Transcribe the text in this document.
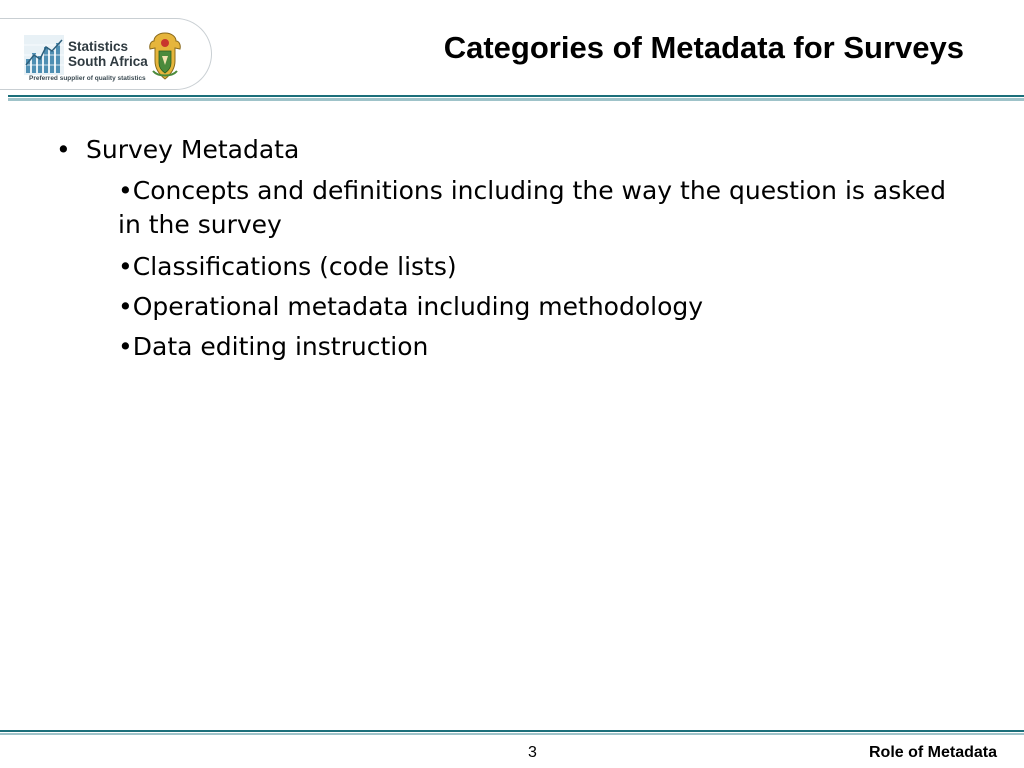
Statistics
South Africa
Preferred supplier of quality statistics
Categories of Metadata for Surveys
• Survey Metadata
•Concepts and definitions including the way the question is asked in the survey
•Classifications (code lists)
•Operational metadata including methodology
•Data editing instruction
3	Role of Metadata
